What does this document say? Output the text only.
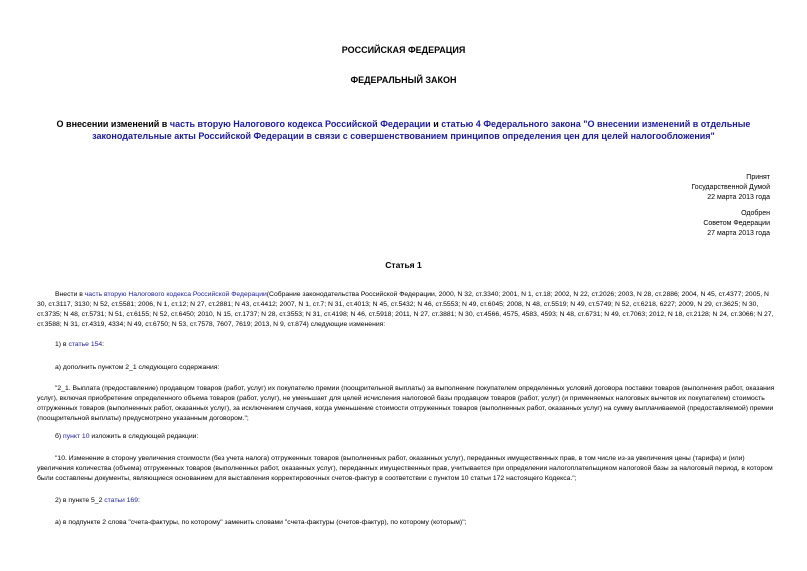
РОССИЙСКАЯ ФЕДЕРАЦИЯ
ФЕДЕРАЛЬНЫЙ ЗАКОН
О внесении изменений в часть вторую Налогового кодекса Российской Федерации и статью 4 Федерального закона "О внесении изменений в отдельные законодательные акты Российской Федерации в связи с совершенствованием принципов определения цен для целей налогообложения"
Принят
Государственной Думой
22 марта 2013 года
Одобрен
Советом Федерации
27 марта 2013 года
Статья 1
Внести в часть вторую Налогового кодекса Российской Федерации(Собрание законодательства Российской Федерации, 2000, N 32, ст.3340; 2001, N 1, ст.18; 2002, N 22, ст.2026; 2003, N 28, ст.2886; 2004, N 45, ст.4377; 2005, N 30, ст.3117, 3130; N 52, ст.5581; 2006, N 1, ст.12; N 27, ст.2881; N 43, ст.4412; 2007, N 1, ст.7; N 31, ст.4013; N 45, ст.5432; N 46, ст.5553; N 49, ст.6045; 2008, N 48, ст.5519; N 49, ст.5749; N 52, ст.6218, 6227; 2009, N 29, ст.3625; N 30, ст.3735; N 48, ст.5731; N 51, ст.6155; N 52, ст.6450; 2010, N 15, ст.1737; N 28, ст.3553; N 31, ст.4198; N 46, ст.5918; 2011, N 27, ст.3881; N 30, ст.4566, 4575, 4583, 4593; N 48, ст.6731; N 49, ст.7063; 2012, N 18, ст.2128; N 24, ст.3066; N 27, ст.3588; N 31, ст.4319, 4334; N 49, ст.6750; N 53, ст.7578, 7607, 7619; 2013, N 9, ст.874) следующие изменения:
1) в статье 154:
а) дополнить пунктом 2_1 следующего содержания:
"2_1. Выплата (предоставление) продавцом товаров (работ, услуг) их покупателю премии (поощрительной выплаты) за выполнение покупателем определенных условий договора поставки товаров (выполнения работ, оказания услуг), включая приобретение определенного объема товаров (работ, услуг), не уменьшает для целей исчисления налоговой базы продавцом товаров (работ, услуг) (и применяемых налоговых вычетов их покупателем) стоимость отгруженных товаров (выполненных работ, оказанных услуг), за исключением случаев, когда уменьшение стоимости отгруженных товаров (выполненных работ, оказанных услуг) на сумму выплачиваемой (предоставляемой) премии (поощрительной выплаты) предусмотрено указанным договором.";
б) пункт 10 изложить в следующей редакции:
"10. Изменение в сторону увеличения стоимости (без учета налога) отгруженных товаров (выполненных работ, оказанных услуг), переданных имущественных прав, в том числе из-за увеличения цены (тарифа) и (или) увеличения количества (объема) отгруженных товаров (выполненных работ, оказанных услуг), переданных имущественных прав, учитывается при определении налогоплательщиком налоговой базы за налоговый период, в котором были составлены документы, являющиеся основанием для выставления корректировочных счетов-фактур в соответствии с пунктом 10 статьи 172 настоящего Кодекса.";
2) в пункте 5_2 статьи 169:
а) в подпункте 2 слова "счета-фактуры, по которому" заменить словами "счета-фактуры (счетов-фактур), по которому (которым)";
